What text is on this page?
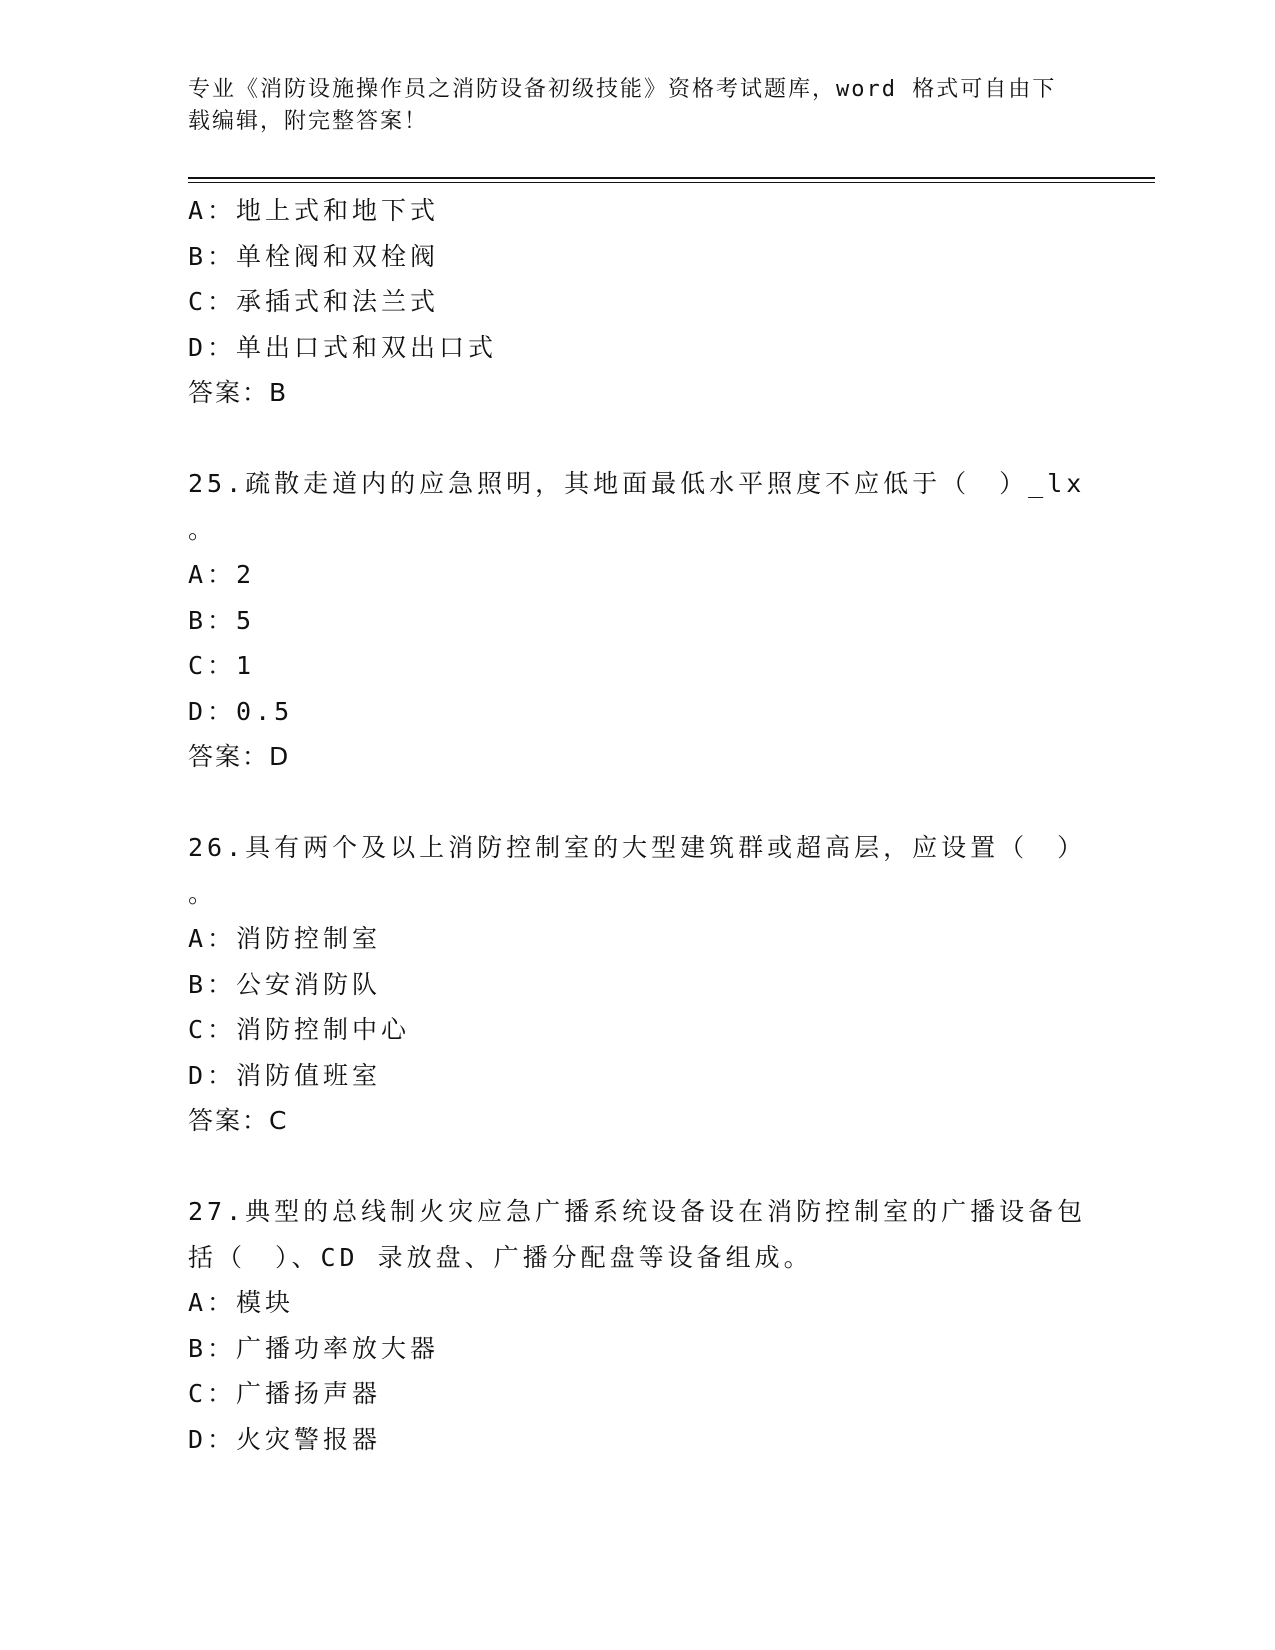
专业《消防设施操作员之消防设备初级技能》资格考试题库，word 格式可自由下
载编辑，附完整答案！
A：地上式和地下式
B：单栓阀和双栓阀
C：承插式和法兰式
D：单出口式和双出口式
答案：B
25.疏散走道内的应急照明，其地面最低水平照度不应低于（　）_lx
。
A：2
B：5
C：1
D：0.5
答案：D
26.具有两个及以上消防控制室的大型建筑群或超高层，应设置（　）
。
A：消防控制室
B：公安消防队
C：消防控制中心
D：消防值班室
答案：C
27.典型的总线制火灾应急广播系统设备设在消防控制室的广播设备包
括（　）、CD 录放盘、广播分配盘等设备组成。
A：模块
B：广播功率放大器
C：广播扬声器
D：火灾警报器
